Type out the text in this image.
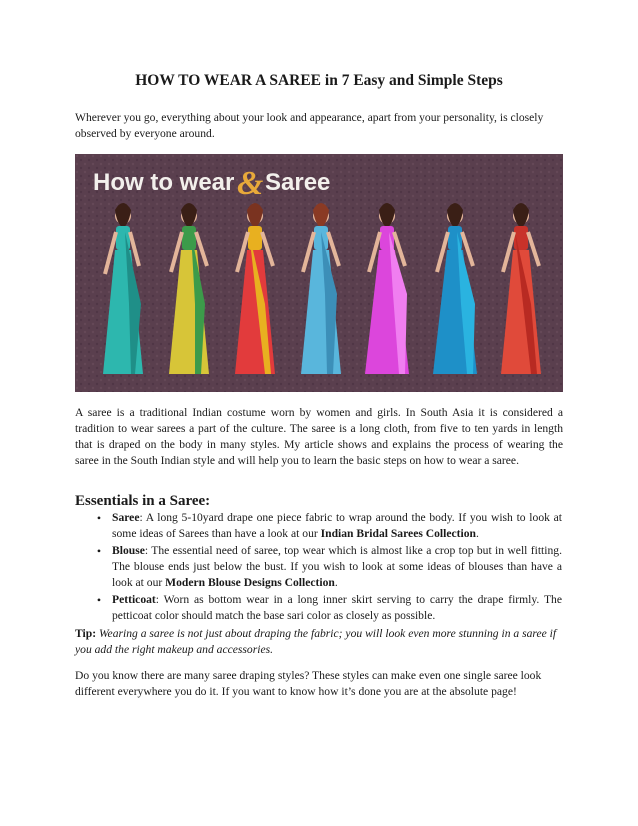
HOW TO WEAR A SAREE in 7 Easy and Simple Steps

Wherever you go, everything about your look and appearance, apart from your personality, is closely observed by everyone around.

How to wear & Saree

A saree is a traditional Indian costume worn by women and girls. In South Asia it is considered a tradition to wear sarees a part of the culture. The saree is a long cloth, from five to ten yards in length that is draped on the body in many styles. My article shows and explains the process of wearing the saree in the South Indian style and will help you to learn the basic steps on how to wear a saree.

Essentials in a Saree:
• Saree: A long 5-10yard drape one piece fabric to wrap around the body. If you wish to look at some ideas of Sarees than have a look at our Indian Bridal Sarees Collection.
• Blouse: The essential need of saree, top wear which is almost like a crop top but in well fitting. The blouse ends just below the bust. If you wish to look at some ideas of blouses than have a look at our Modern Blouse Designs Collection.
• Petticoat: Worn as bottom wear in a long inner skirt serving to carry the drape firmly. The petticoat color should match the base sari color as closely as possible.

Tip: Wearing a saree is not just about draping the fabric; you will look even more stunning in a saree if you add the right makeup and accessories.

Do you know there are many saree draping styles? These styles can make even one single saree look different everywhere you do it. If you want to know how it’s done you are at the absolute page!
